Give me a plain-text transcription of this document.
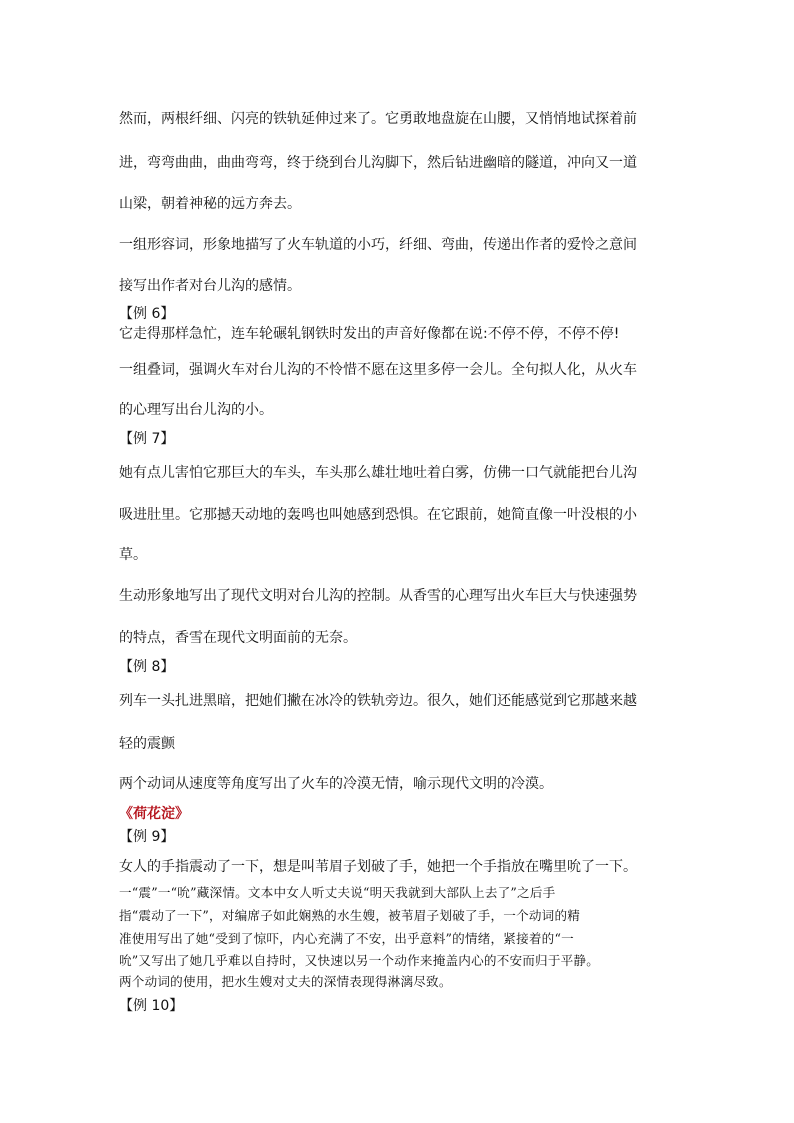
然而，两根纤细、闪亮的铁轨延伸过来了。它勇敢地盘旋在山腰，又悄悄地试探着前
进，弯弯曲曲，曲曲弯弯，终于绕到台儿沟脚下，然后钻进幽暗的隧道，冲向又一道
山梁，朝着神秘的远方奔去。
一组形容词，形象地描写了火车轨道的小巧，纤细、弯曲，传递出作者的爱怜之意间
接写出作者对台儿沟的感情。
【例 6】
它走得那样急忙，连车轮碾轧钢铁时发出的声音好像都在说:不停不停，不停不停!
一组叠词，强调火车对台儿沟的不怜惜不愿在这里多停一会儿。全句拟人化，从火车
的心理写出台儿沟的小。
【例 7】
她有点儿害怕它那巨大的车头，车头那么雄壮地吐着白雾，仿佛一口气就能把台儿沟
吸进肚里。它那撼天动地的轰鸣也叫她感到恐惧。在它跟前，她简直像一叶没根的小
草。
生动形象地写出了现代文明对台儿沟的控制。从香雪的心理写出火车巨大与快速强势
的特点，香雪在现代文明面前的无奈。
【例 8】
列车一头扎进黑暗，把她们撇在冰冷的铁轨旁边。很久，她们还能感觉到它那越来越
轻的震颤
两个动词从速度等角度写出了火车的冷漠无情，喻示现代文明的冷漠。
《荷花淀》
【例 9】
女人的手指震动了一下，想是叫苇眉子划破了手，她把一个手指放在嘴里吮了一下。
一“震”一“吮”藏深情。文本中女人听丈夫说“明天我就到大部队上去了”之后手
指“震动了一下”，对编席子如此娴熟的水生嫂，被苇眉子划破了手，一个动词的精
准使用写出了她“受到了惊吓，内心充满了不安，出乎意料”的情绪，紧接着的“一
吮”又写出了她几乎难以自持时，又快速以另一个动作来掩盖内心的不安而归于平静。
两个动词的使用，把水生嫂对丈夫的深情表现得淋漓尽致。
【例 10】
